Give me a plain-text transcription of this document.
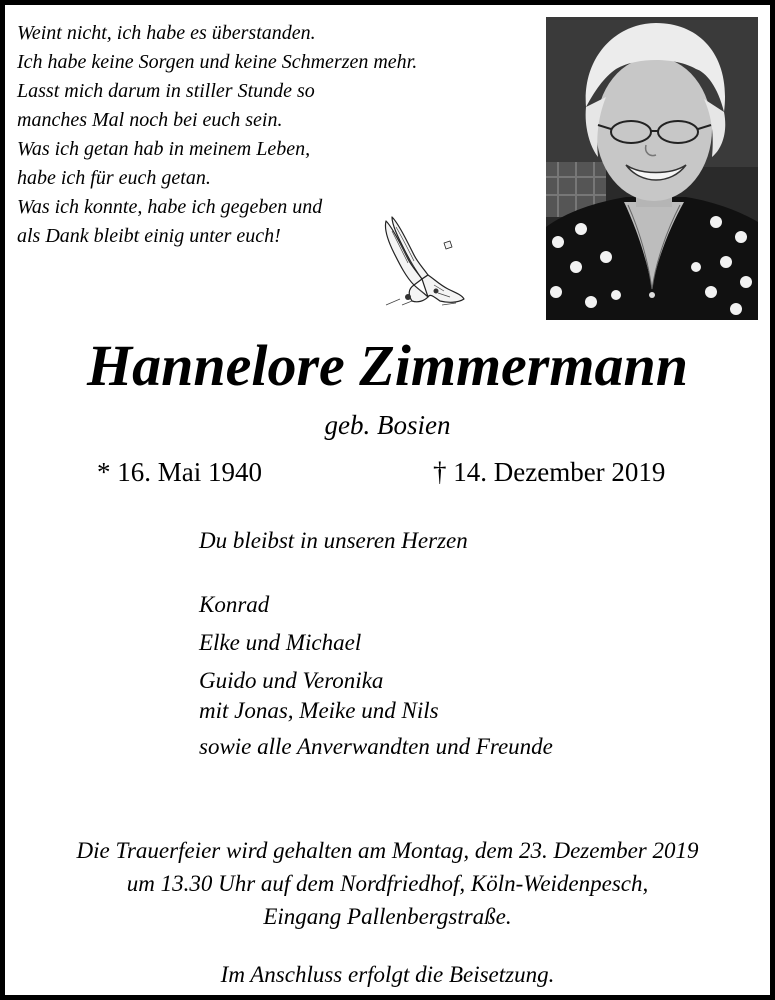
Weint nicht, ich habe es überstanden.
Ich habe keine Sorgen und keine Schmerzen mehr.
Lasst mich darum in stiller Stunde so
manches Mal noch bei euch sein.
Was ich getan hab in meinem Leben,
habe ich für euch getan.
Was ich konnte, habe ich gegeben und
als Dank bleibt einig unter euch!
Hannelore Zimmermann
geb. Bosien
* 16. Mai 1940	† 14. Dezember 2019
Du bleibst in unseren Herzen
Konrad
Elke und Michael
Guido und Veronika
mit Jonas, Meike und Nils
sowie alle Anverwandten und Freunde
Die Trauerfeier wird gehalten am Montag, dem 23. Dezember 2019
um 13.30 Uhr auf dem Nordfriedhof, Köln-Weidenpesch,
Eingang Pallenbergstraße.
Im Anschluss erfolgt die Beisetzung.
